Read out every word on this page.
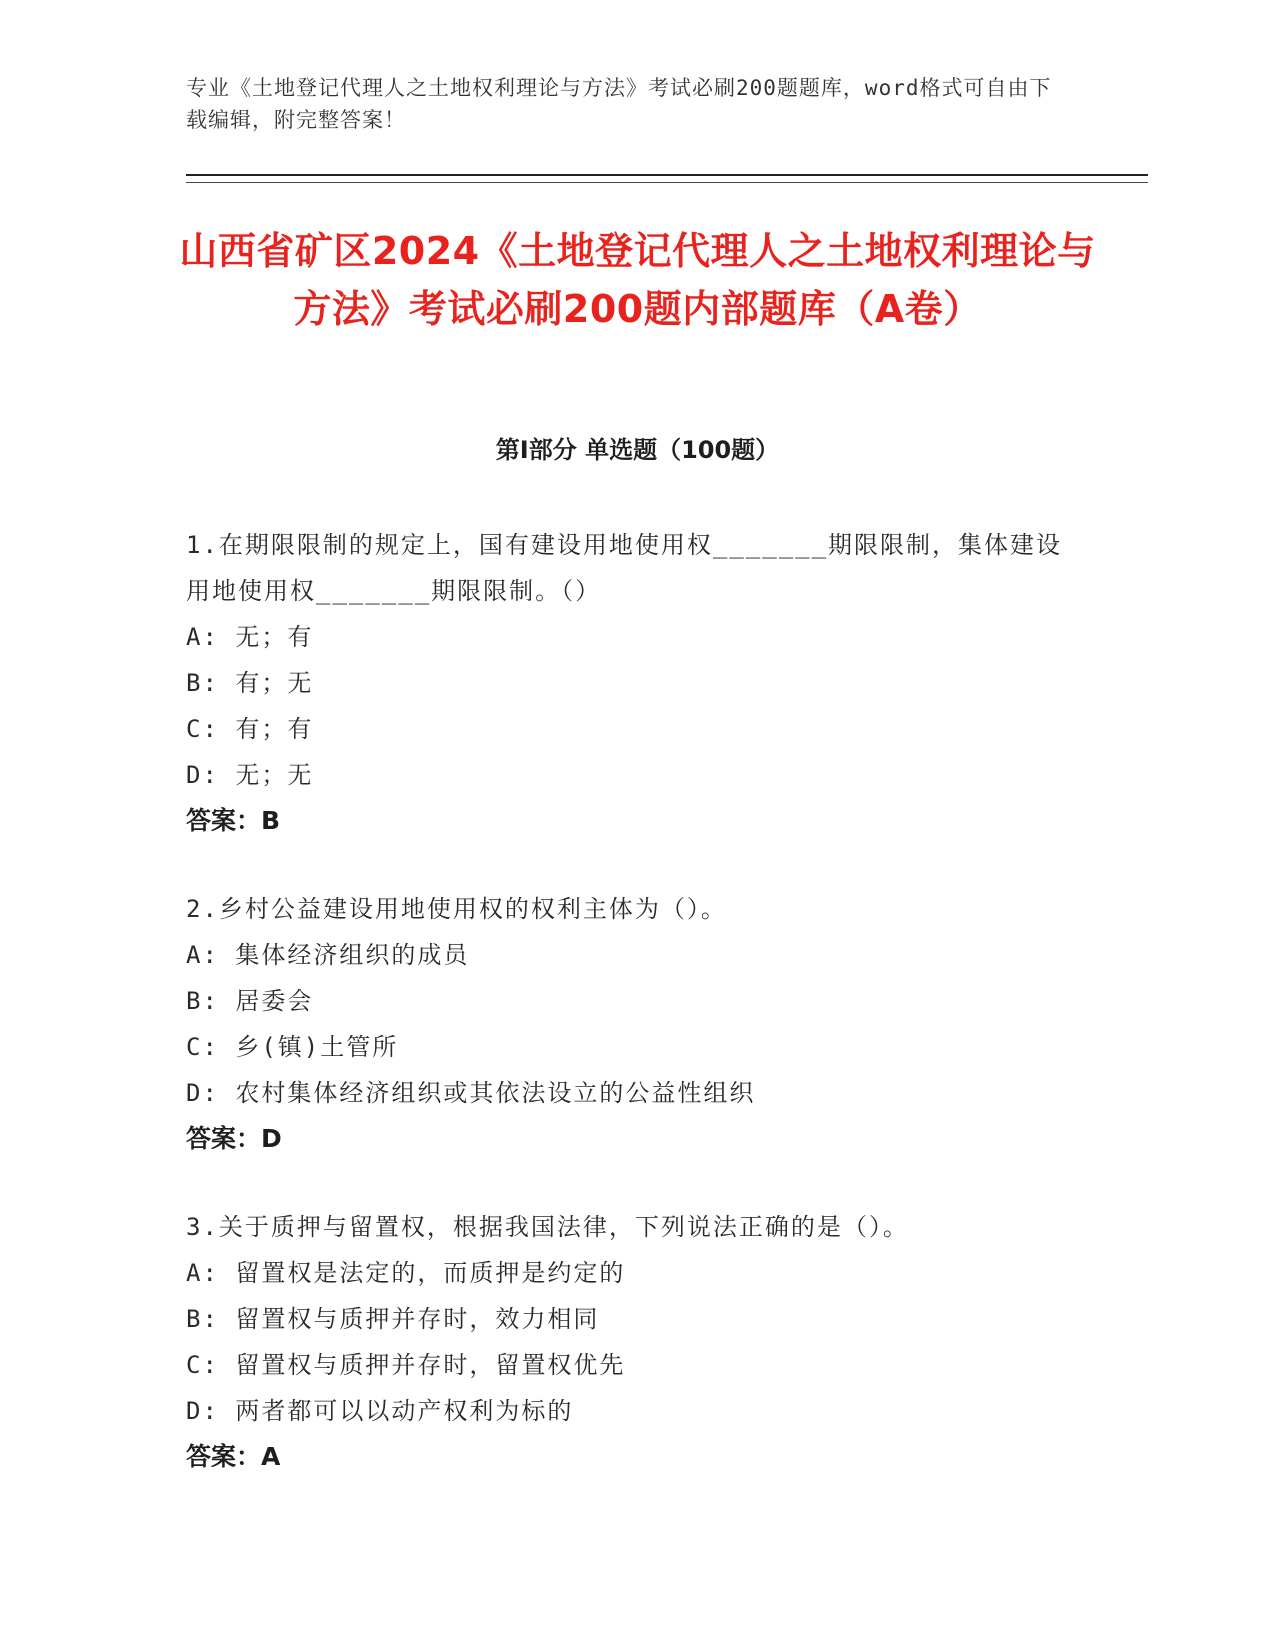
专业《土地登记代理人之土地权利理论与方法》考试必刷200题题库，word格式可自由下载编辑，附完整答案！
山西省矿区2024《土地登记代理人之土地权利理论与方法》考试必刷200题内部题库（A卷）
第Ⅰ部分 单选题（100题）
1.在期限限制的规定上，国有建设用地使用权_______期限限制，集体建设用地使用权_______期限限制。（）
A: 无；有
B: 有；无
C: 有；有
D: 无；无
答案：B
2.乡村公益建设用地使用权的权利主体为（）。
A: 集体经济组织的成员
B: 居委会
C: 乡(镇)土管所
D: 农村集体经济组织或其依法设立的公益性组织
答案：D
3.关于质押与留置权，根据我国法律，下列说法正确的是（）。
A: 留置权是法定的，而质押是约定的
B: 留置权与质押并存时，效力相同
C: 留置权与质押并存时，留置权优先
D: 两者都可以以动产权利为标的
答案：A
